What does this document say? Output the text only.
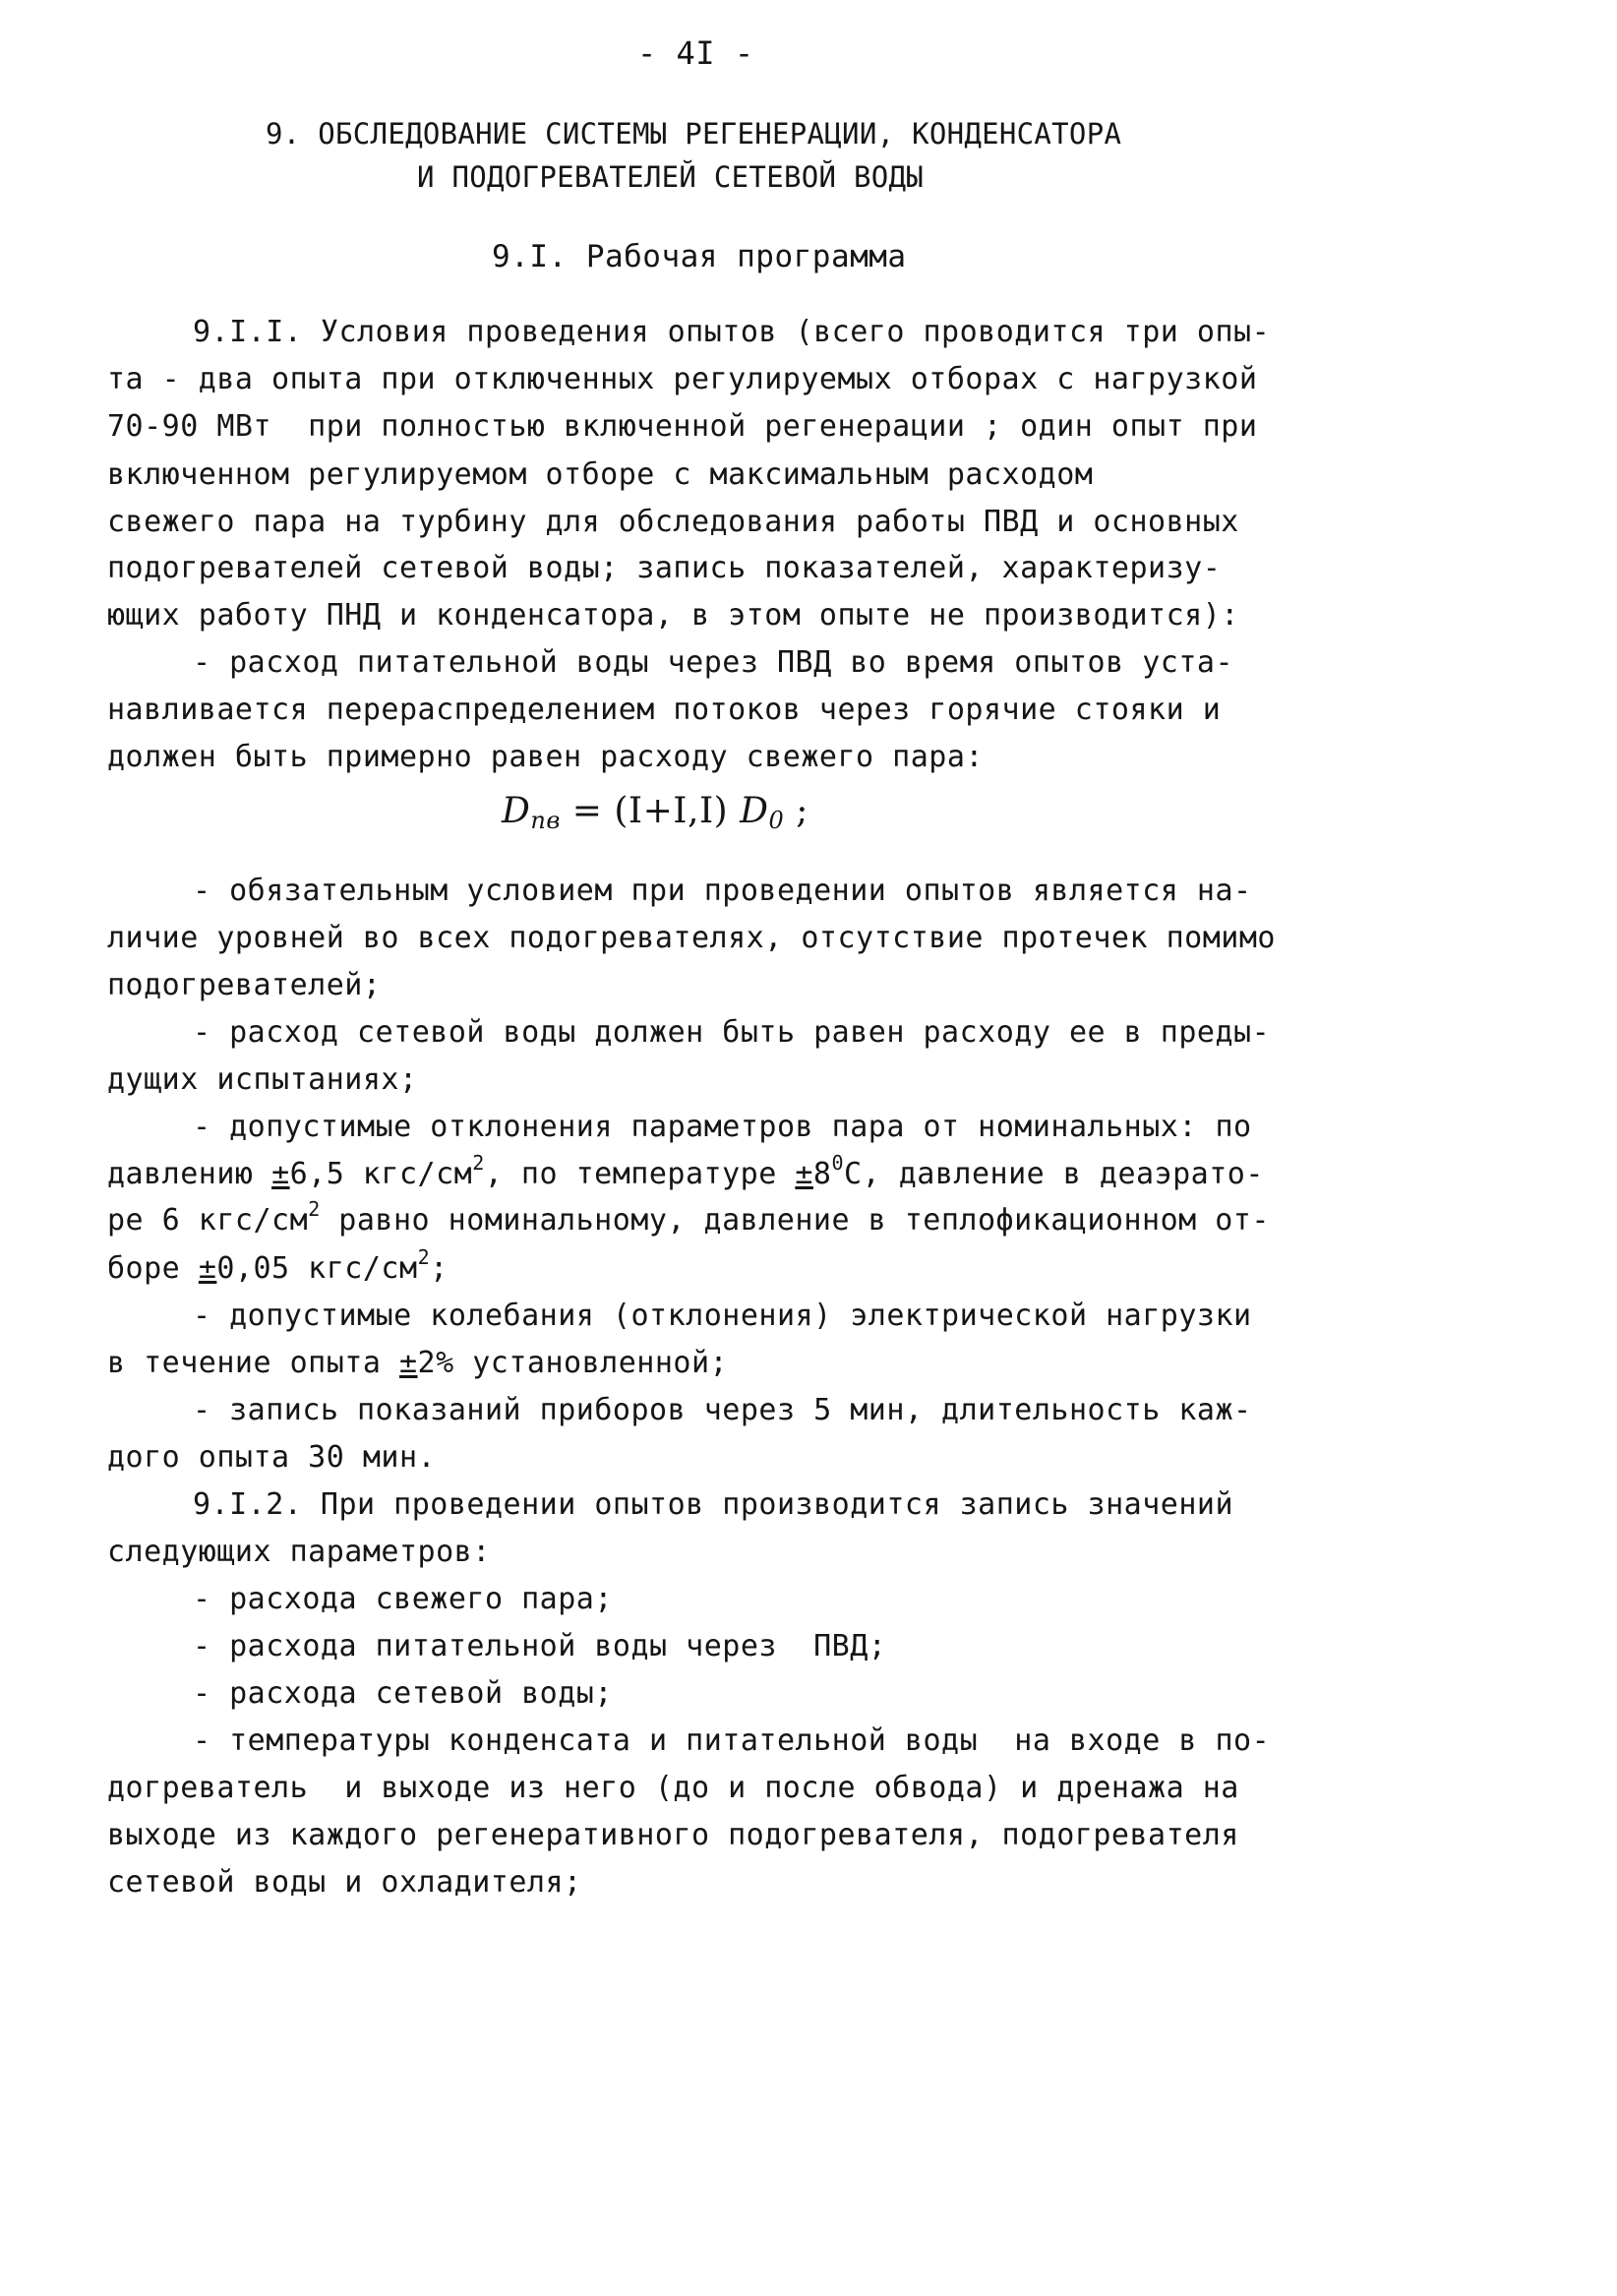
- 4I -
9. ОБСЛЕДОВАНИЕ СИСТЕМЫ РЕГЕНЕРАЦИИ, КОНДЕНСАТОРА
И ПОДОГРЕВАТЕЛЕЙ СЕТЕВОЙ ВОДЫ
9.I. Рабочая программа
9.I.I. Условия проведения опытов (всего проводится три опы-
та - два опыта при отключенных регулируемых отборах с нагрузкой
70-90 МВт  при полностью включенной регенерации ; один опыт при
включенном регулируемом отборе с максимальным расходом
свежего пара на турбину для обследования работы ПВД и основных
подогревателей сетевой воды; запись показателей, характеризу-
ющих работу ПНД и конденсатора, в этом опыте не производится):
- расход питательной воды через ПВД во время опытов уста-
навливается перераспределением потоков через горячие стояки и
должен быть примерно равен расходу свежего пара:
$D_{пв} = (I+I,I)$ $D_0$ ;
- обязательным условием при проведении опытов является на-
личие уровней во всех подогревателях, отсутствие протечек помимо
подогревателей;
- расход сетевой воды должен быть равен расходу ее в преды-
дущих испытаниях;
- допустимые отклонения параметров пара от номинальных: по
давлению ±6,5 кгс/$см^2$, по температуре $\pm 8^0С$, давление в деаэрато-
ре 6 кгс/$см^2$ равно номинальному, давление в теплофикационном от-
боре ±0,05 кгс/$см^2$;
- допустимые колебания (отклонения) электрической нагрузки
в течение опыта ±2% установленной;
- запись показаний приборов через 5 мин, длительность каж-
дого опыта 30 мин.
9.I.2. При проведении опытов производится запись значений
следующих параметров:
- расхода свежего пара;
- расхода питательной воды через  ПВД;
- расхода сетевой воды;
- температуры конденсата и питательной воды  на входе в по-
догреватель  и выходе из него (до и после обвода) и дренажа на
выходе из каждого регенеративного подогревателя, подогревателя
сетевой воды и охладителя;
